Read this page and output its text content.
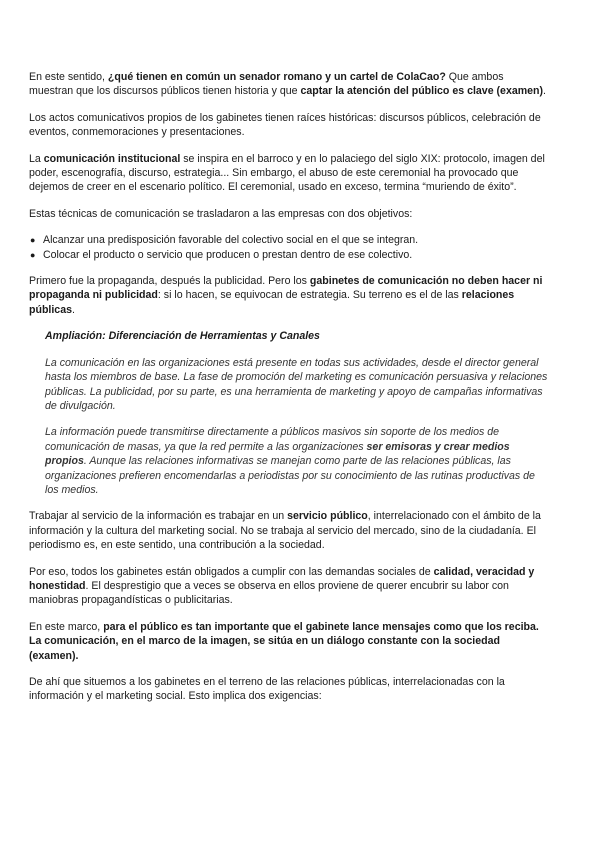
En este sentido, ¿qué tienen en común un senador romano y un cartel de ColaCao? Que ambos muestran que los discursos públicos tienen historia y que captar la atención del público es clave (examen).

Los actos comunicativos propios de los gabinetes tienen raíces históricas: discursos públicos, celebración de eventos, conmemoraciones y presentaciones.

La comunicación institucional se inspira en el barroco y en lo palaciego del siglo XIX: protocolo, imagen del poder, escenografía, discurso, estrategia... Sin embargo, el abuso de este ceremonial ha provocado que dejemos de creer en el escenario político. El ceremonial, usado en exceso, termina “muriendo de éxito”.

Estas técnicas de comunicación se trasladaron a las empresas con dos objetivos:

● Alcanzar una predisposición favorable del colectivo social en el que se integran.
● Colocar el producto o servicio que producen o prestan dentro de ese colectivo.

Primero fue la propaganda, después la publicidad. Pero los gabinetes de comunicación no deben hacer ni propaganda ni publicidad: si lo hacen, se equivocan de estrategia. Su terreno es el de las relaciones públicas.

Ampliación: Diferenciación de Herramientas y Canales

La comunicación en las organizaciones está presente en todas sus actividades, desde el director general hasta los miembros de base. La fase de promoción del marketing es comunicación persuasiva y relaciones públicas. La publicidad, por su parte, es una herramienta de marketing y apoyo de campañas informativas de divulgación.

La información puede transmitirse directamente a públicos masivos sin soporte de los medios de comunicación de masas, ya que la red permite a las organizaciones ser emisoras y crear medios propios. Aunque las relaciones informativas se manejan como parte de las relaciones públicas, las organizaciones prefieren encomendarlas a periodistas por su conocimiento de las rutinas productivas de los medios.

Trabajar al servicio de la información es trabajar en un servicio público, interrelacionado con el ámbito de la información y la cultura del marketing social. No se trabaja al servicio del mercado, sino de la ciudadanía. El periodismo es, en este sentido, una contribución a la sociedad.

Por eso, todos los gabinetes están obligados a cumplir con las demandas sociales de calidad, veracidad y honestidad. El desprestigio que a veces se observa en ellos proviene de querer encubrir su labor con maniobras propagandísticas o publicitarias.

En este marco, para el público es tan importante que el gabinete lance mensajes como que los reciba. La comunicación, en el marco de la imagen, se sitúa en un diálogo constante con la sociedad (examen).

De ahí que situemos a los gabinetes en el terreno de las relaciones públicas, interrelacionadas con la información y el marketing social. Esto implica dos exigencias:
